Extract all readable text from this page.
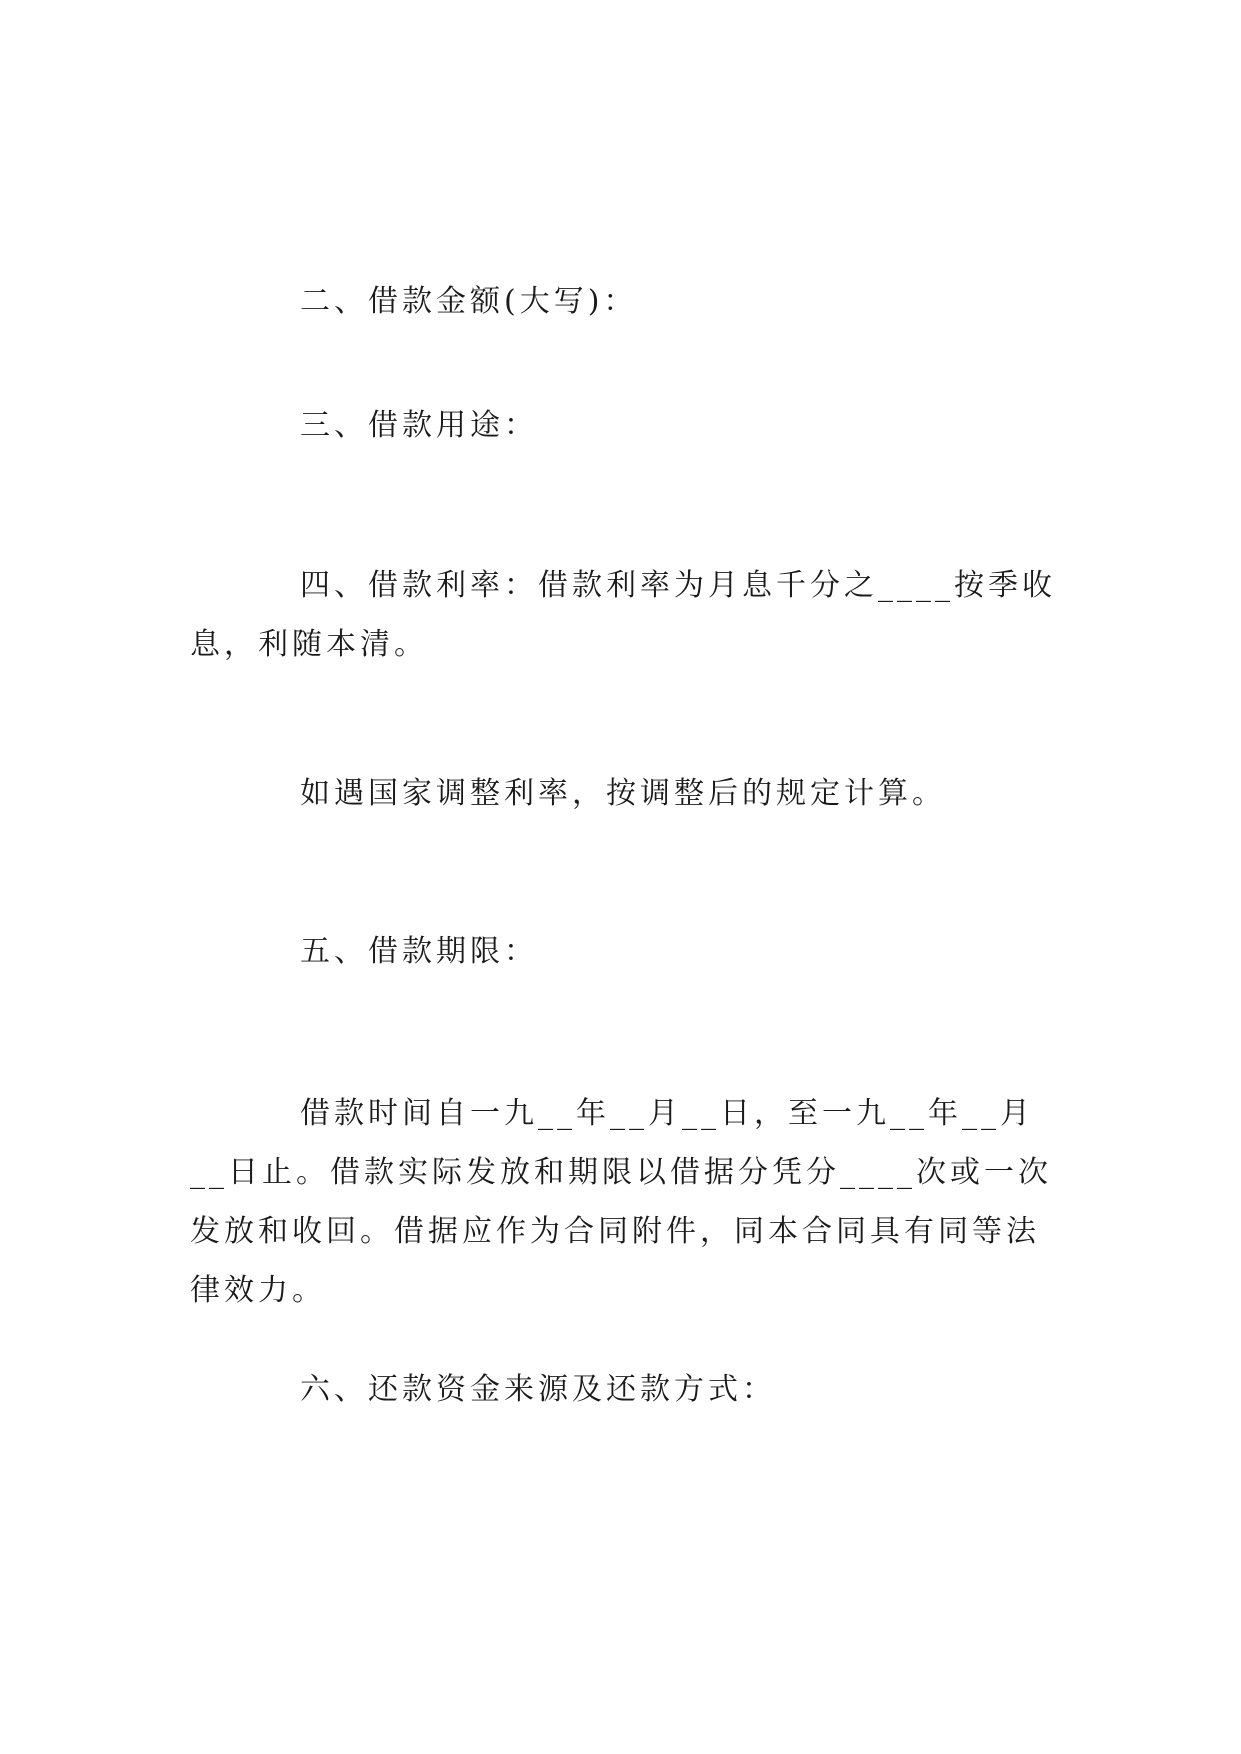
二、借款金额(大写)：

三、借款用途：

四、借款利率：借款利率为月息千分之____按季收息，利随本清。

如遇国家调整利率，按调整后的规定计算。

五、借款期限：

借款时间自一九__年__月__日，至一九__年__月__日止。借款实际发放和期限以借据分凭分____次或一次发放和收回。借据应作为合同附件，同本合同具有同等法律效力。

六、还款资金来源及还款方式：
